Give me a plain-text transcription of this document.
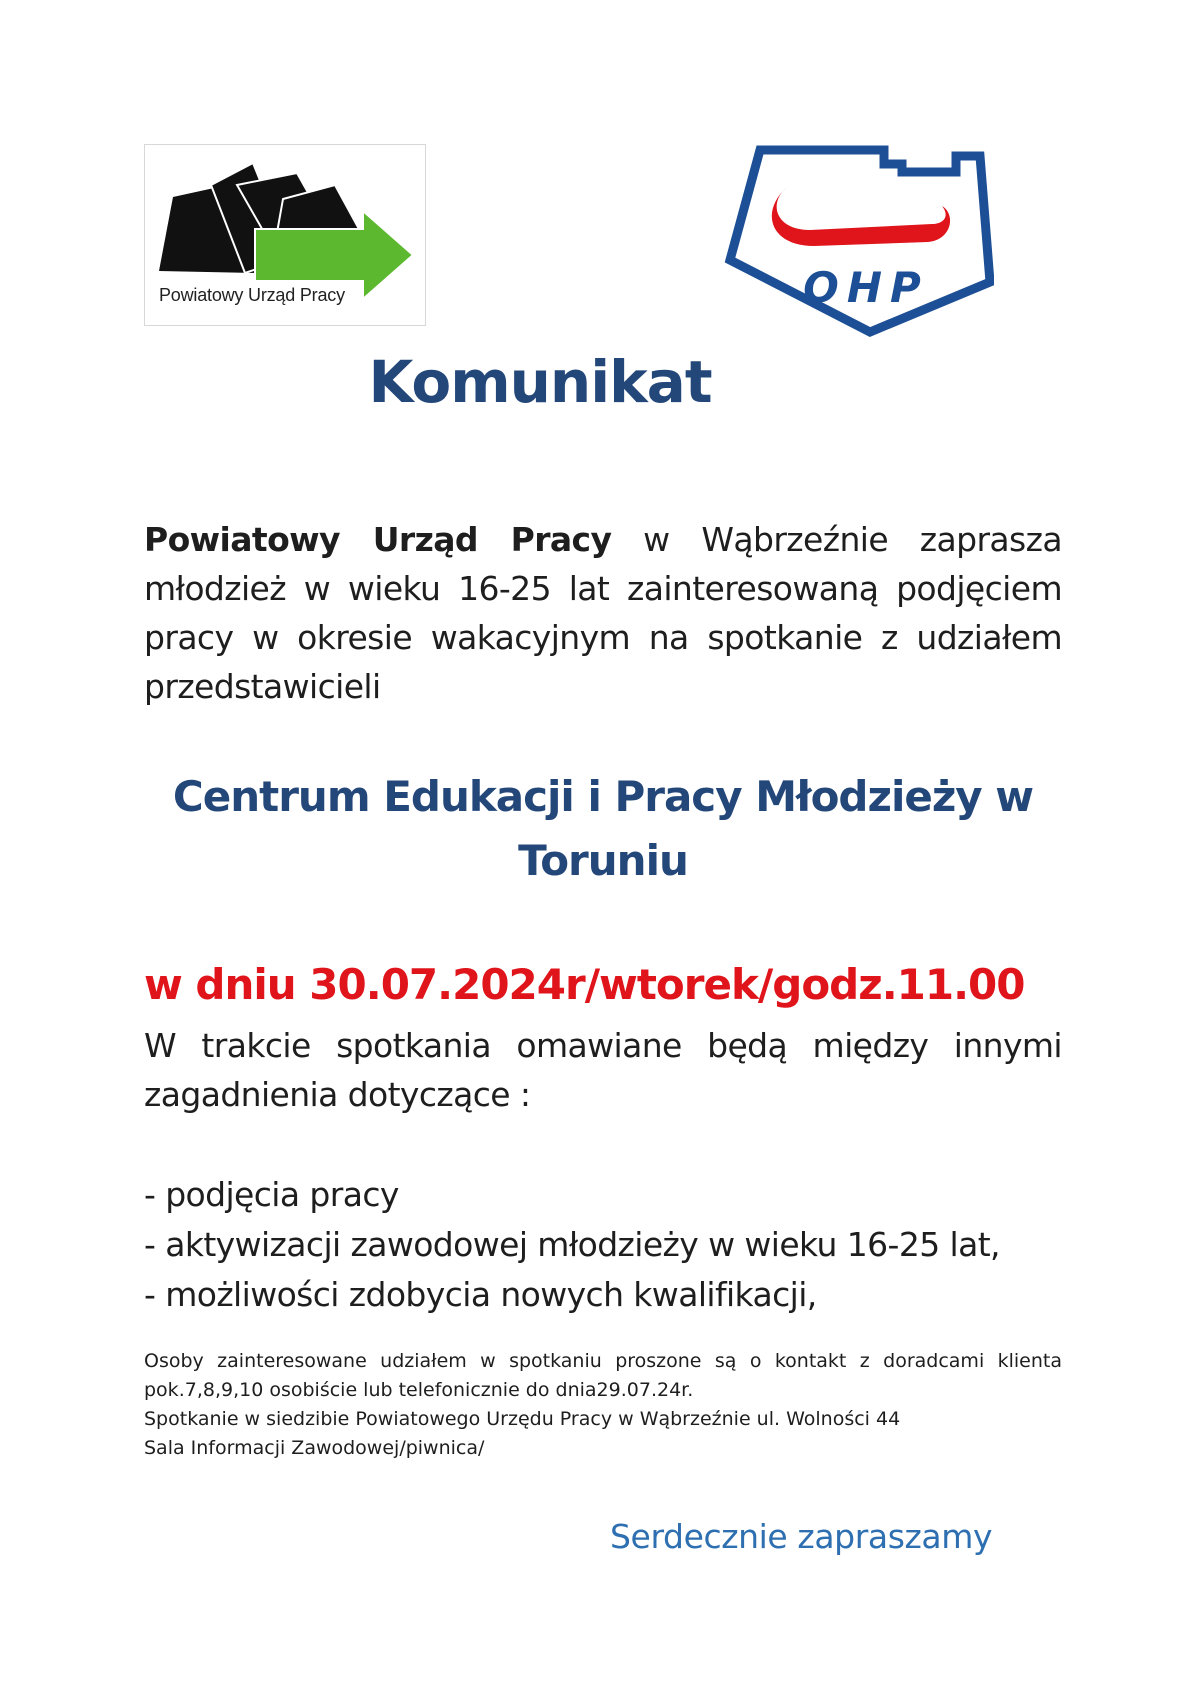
Powiatowy Urząd Pracy	OHP
Komunikat
Powiatowy Urząd Pracy w Wąbrzeźnie zaprasza młodzież w wieku 16-25 lat zainteresowaną podjęciem pracy w okresie wakacyjnym na spotkanie z udziałem przedstawicieli
Centrum Edukacji i Pracy Młodzieży w
Toruniu
w dniu 30.07.2024r/wtorek/godz.11.00
W trakcie spotkania omawiane będą między innymi zagadnienia dotyczące :
- podjęcia pracy
- aktywizacji zawodowej młodzieży w wieku 16-25 lat,
- możliwości zdobycia nowych kwalifikacji,
Osoby zainteresowane udziałem w spotkaniu proszone są o kontakt z doradcami klienta
pok.7,8,9,10 osobiście lub telefonicznie do dnia29.07.24r.
Spotkanie w siedzibie Powiatowego Urzędu Pracy w Wąbrzeźnie ul. Wolności 44
Sala Informacji Zawodowej/piwnica/
Serdecznie zapraszamy
